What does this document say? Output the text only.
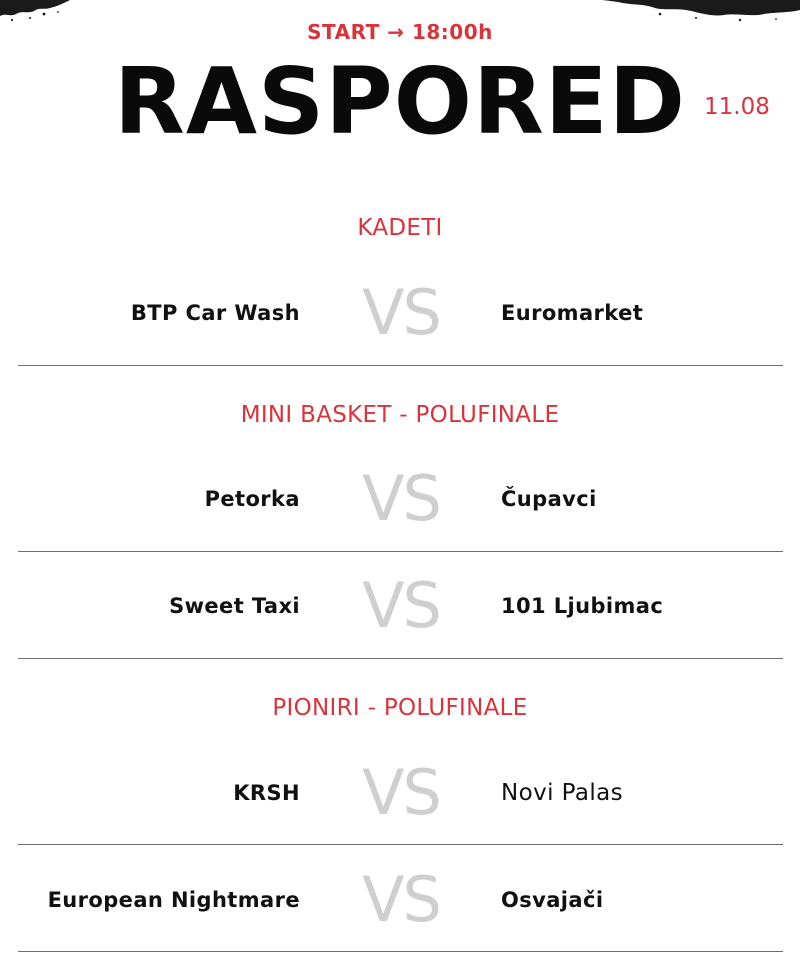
START → 18:00h
RASPORED 11.08
KADETI
BTP Car Wash VS	Euromarket
MINI BASKET - POLUFINALE
Petorka VS	Čupavci
Sweet Taxi VS	101 Ljubimac
PIONIRI - POLUFINALE
KRSH VS	Novi Palas
European Nightmare VS	Osvajači
